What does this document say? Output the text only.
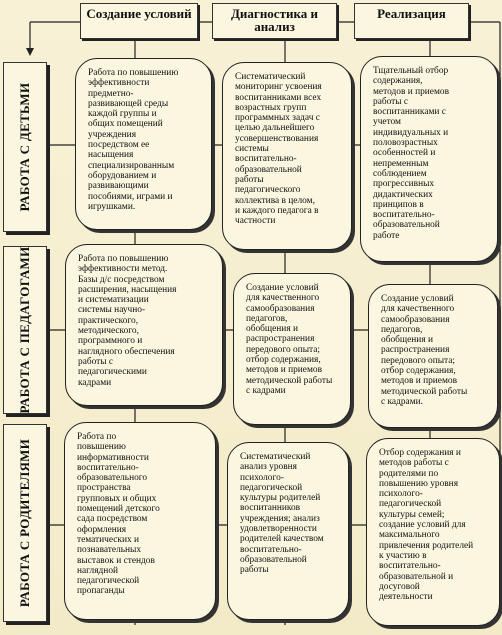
Создание условий	Диагностика и анализ
Реализация
РАБОТА С ДЕТЬМИ
РАБОТА С ПЕДАГОГАМИ
РАБОТА С РОДИТЕЛЯМИ
Работа по повышению
эффективности
предметно-
развивающей среды
каждой группы и
общих помещений
учреждения
посредством ее
насыщения
специализированным
оборудованием и
развивающими
пособиями, играми и
игрушками.
Систематический
мониторинг усвоения
воспитанниками всех
возрастных групп
программных задач с
целью дальнейшего
усовершенствования
системы
воспитательно-
образовательной
работы
педагогического
коллектива в целом,
и каждого педагога в
частности
Тщательный отбор
содержания,
методов и приемов
работы с
воспитанниками с
учетом
индивидуальных и
половозрастных
особенностей и
непременным
соблюдением
прогрессивных
дидактических
принципов в
воспитательно-
образовательной
работе
Работа по повышению
эффективности метод.
Базы д/с посредством
расширения, насыщения
и систематизации
системы научно-
практического,
методического,
программного и
наглядного обеспечения
работы с
педагогическими
кадрами
Создание условий
для качественного
самообразования
педагогов,
обобщения и
распространения
передового опыта;
отбор содержания,
методов и приемов
методической работы
с кадрами
Создание условий
для качественного
самообразования
педагогов,
обобщения и
распространения
передового опыта;
отбор содержания,
методов и приемов
методической работы
с кадрами.
Работа по
повышению
информативности
воспитательно-
образовательного
пространства
групповых и общих
помещений детского
сада посредством
оформления
тематических и
познавательных
выставок и стендов
наглядной
педагогической
пропаганды
Систематический
анализ уровня
психолого-
педагогической
культуры родителей
воспитанников
учреждения; анализ
удовлетворенности
родителей качеством
воспитательно-
образовательной
работы
Отбор содержания и
методов работы с
родителями по
повышению уровня
психолого-
педагогической
культуры семей;
создание условий для
максимального
привлечения родителей
к участию в
воспитательно-
образовательной и
досуговой
деятельности
